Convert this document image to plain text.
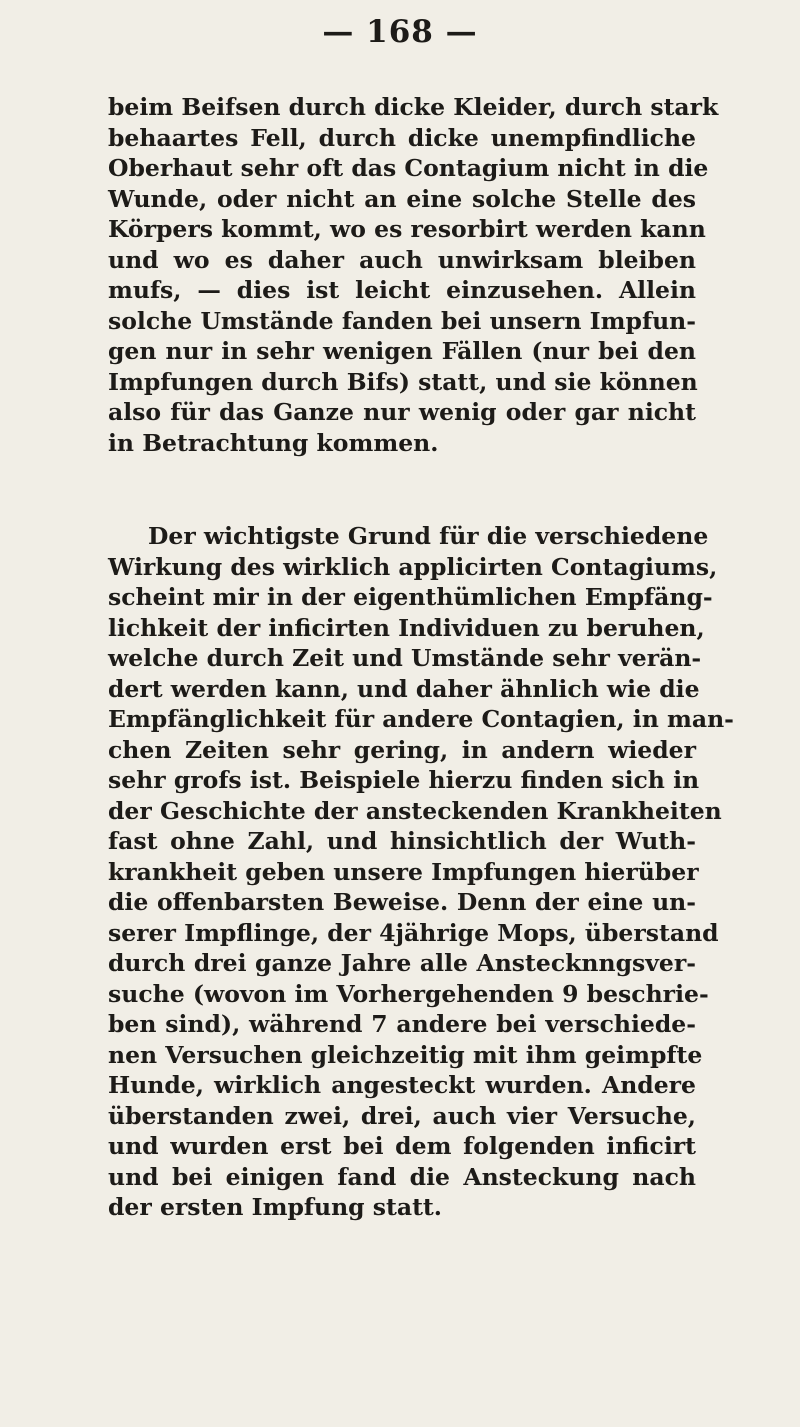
— 168 —
beim Beifsen durch dicke Kleider, durch stark
behaartes Fell, durch dicke unempfindliche
Oberhaut sehr oft das Contagium nicht in die
Wunde, oder nicht an eine solche Stelle des
Körpers kommt, wo es resorbirt werden kann
und wo es daher auch unwirksam bleiben
mufs, — dies ist leicht einzusehen. Allein
solche Umstände fanden bei unsern Impfun-
gen nur in sehr wenigen Fällen (nur bei den
Impfungen durch Bifs) statt, und sie können
also für das Ganze nur wenig oder gar nicht
in Betrachtung kommen.
Der wichtigste Grund für die verschiedene
Wirkung des wirklich applicirten Contagiums,
scheint mir in der eigenthümlichen Empfäng-
lichkeit der inficirten Individuen zu beruhen,
welche durch Zeit und Umstände sehr verän-
dert werden kann, und daher ähnlich wie die
Empfänglichkeit für andere Contagien, in man-
chen Zeiten sehr gering, in andern wieder
sehr grofs ist. Beispiele hierzu finden sich in
der Geschichte der ansteckenden Krankheiten
fast ohne Zahl, und hinsichtlich der Wuth-
krankheit geben unsere Impfungen hierüber
die offenbarsten Beweise. Denn der eine un-
serer Impflinge, der 4jährige Mops, überstand
durch drei ganze Jahre alle Anstecknngsver-
suche (wovon im Vorhergehenden 9 beschrie-
ben sind), während 7 andere bei verschiede-
nen Versuchen gleichzeitig mit ihm geimpfte
Hunde, wirklich angesteckt wurden. Andere
überstanden zwei, drei, auch vier Versuche,
und wurden erst bei dem folgenden inficirt
und bei einigen fand die Ansteckung nach
der ersten Impfung statt.
